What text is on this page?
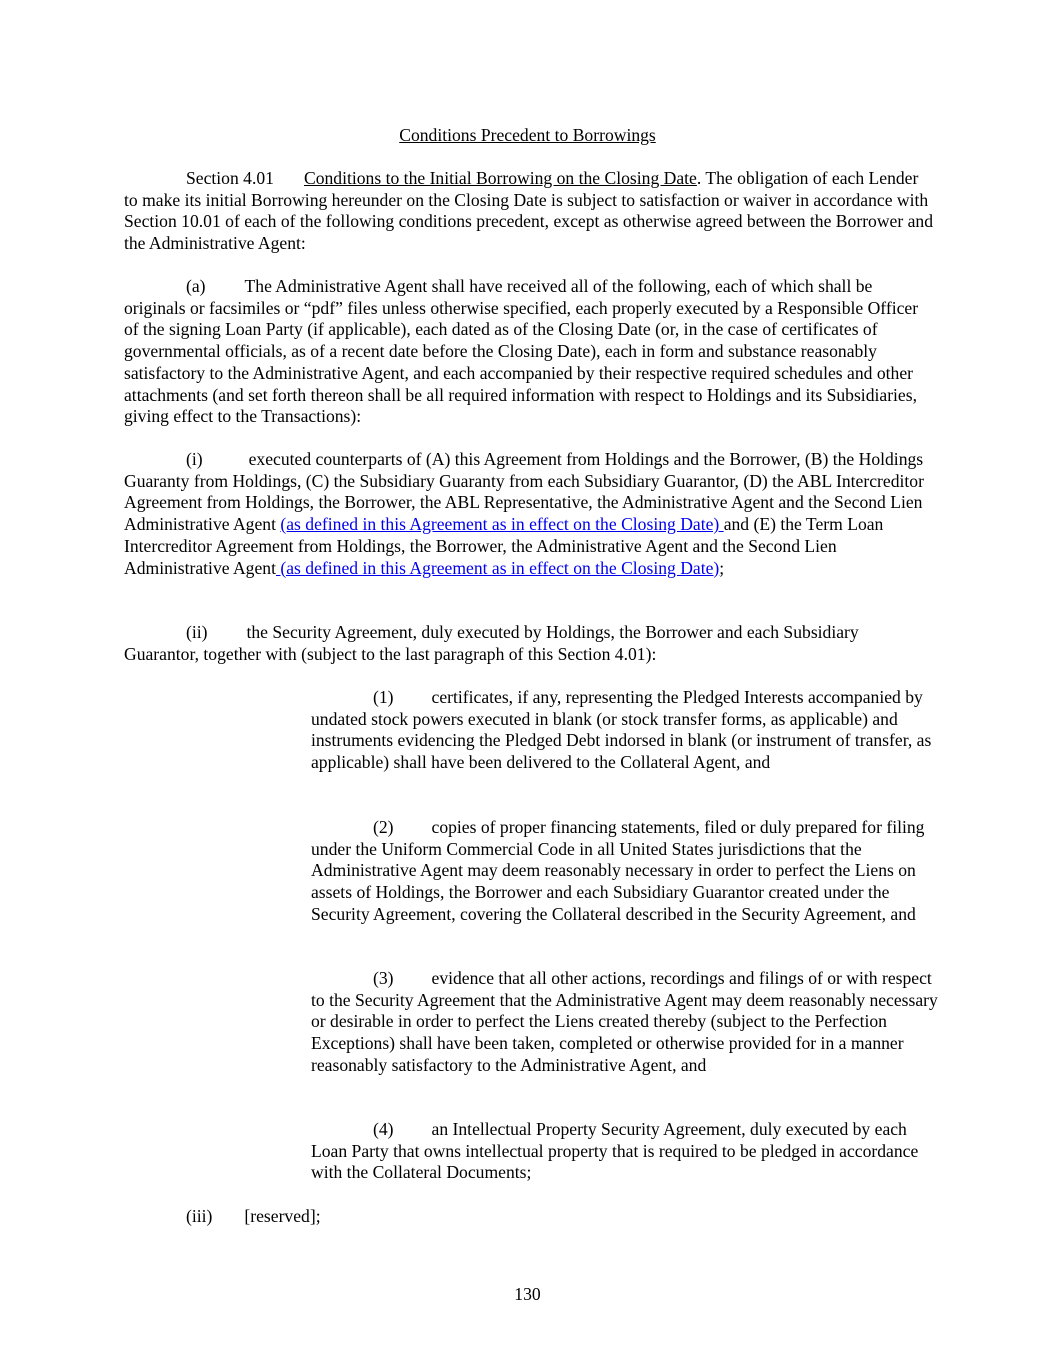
Conditions Precedent to Borrowings

Section 4.01 Conditions to the Initial Borrowing on the Closing Date. The obligation of each Lender to make its initial Borrowing hereunder on the Closing Date is subject to satisfaction or waiver in accordance with Section 10.01 of each of the following conditions precedent, except as otherwise agreed between the Borrower and the Administrative Agent:

(a) The Administrative Agent shall have received all of the following, each of which shall be originals or facsimiles or “pdf” files unless otherwise specified, each properly executed by a Responsible Officer of the signing Loan Party (if applicable), each dated as of the Closing Date (or, in the case of certificates of governmental officials, as of a recent date before the Closing Date), each in form and substance reasonably satisfactory to the Administrative Agent, and each accompanied by their respective required schedules and other attachments (and set forth thereon shall be all required information with respect to Holdings and its Subsidiaries, giving effect to the Transactions):

(i)	executed counterparts of (A) this Agreement from Holdings and the Borrower, (B) the Holdings Guaranty from Holdings, (C) the Subsidiary Guaranty from each Subsidiary Guarantor, (D) the ABL Intercreditor Agreement from Holdings, the Borrower, the ABL Representative, the Administrative Agent and the Second Lien Administrative Agent (as defined in this Agreement as in effect on the Closing Date) and (E) the Term Loan Intercreditor Agreement from Holdings, the Borrower, the Administrative Agent and the Second Lien Administrative Agent (as defined in this Agreement as in effect on the Closing Date);

(ii) the Security Agreement, duly executed by Holdings, the Borrower and each Subsidiary Guarantor, together with (subject to the last paragraph of this Section 4.01):

(1) certificates, if any, representing the Pledged Interests accompanied by undated stock powers executed in blank (or stock transfer forms, as applicable) and instruments evidencing the Pledged Debt indorsed in blank (or instrument of transfer, as applicable) shall have been delivered to the Collateral Agent, and

(2) copies of proper financing statements, filed or duly prepared for filing under the Uniform Commercial Code in all United States jurisdictions that the Administrative Agent may deem reasonably necessary in order to perfect the Liens on assets of Holdings, the Borrower and each Subsidiary Guarantor created under the Security Agreement, covering the Collateral described in the Security Agreement, and

(3) evidence that all other actions, recordings and filings of or with respect to the Security Agreement that the Administrative Agent may deem reasonably necessary or desirable in order to perfect the Liens created thereby (subject to the Perfection Exceptions) shall have been taken, completed or otherwise provided for in a manner reasonably satisfactory to the Administrative Agent, and

(4) an Intellectual Property Security Agreement, duly executed by each Loan Party that owns intellectual property that is required to be pledged in accordance with the Collateral Documents;

(iii) [reserved];

130
